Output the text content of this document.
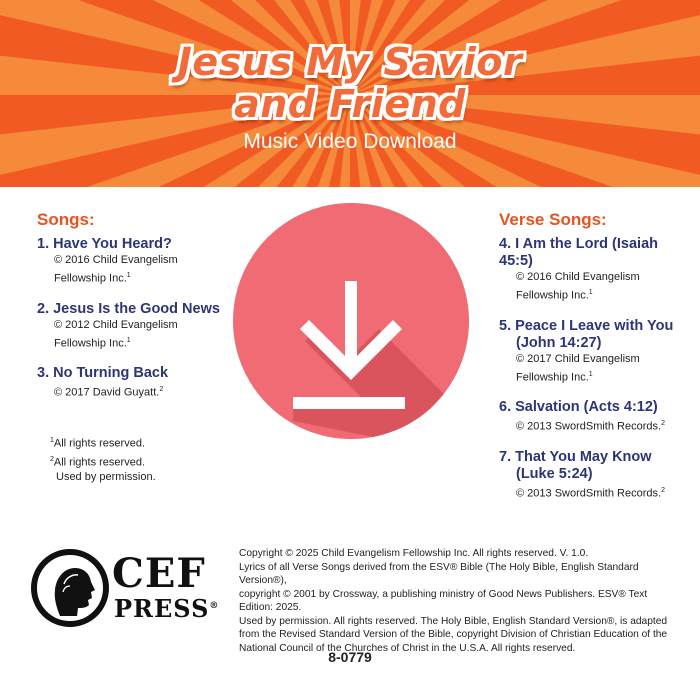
Jesus My Savior
and Friend
Music Video Download
Songs:
1. Have You Heard?
© 2016 Child Evangelism
Fellowship Inc.$^1$
2. Jesus Is the Good News
© 2012 Child Evangelism
Fellowship Inc.$^1$
3. No Turning Back
© 2017 David Guyatt.$^2$
$^1$All rights reserved.
$^2$All rights reserved.
Used by permission.
Verse Songs:
4. I Am the Lord (Isaiah 45:5)
© 2016 Child Evangelism
Fellowship Inc.$^1$
5. Peace I Leave with You
(John 14:27)
© 2017 Child Evangelism
Fellowship Inc.$^1$
6. Salvation (Acts 4:12)
© 2013 SwordSmith Records.$^2$
7. That You May Know
(Luke 5:24)
© 2013 SwordSmith Records.$^2$
CEF
PRESS®
Copyright © 2025 Child Evangelism Fellowship Inc. All rights reserved. V. 1.0.
Lyrics of all Verse Songs derived from the ESV® Bible (The Holy Bible, English Standard Version®),
copyright © 2001 by Crossway, a publishing ministry of Good News Publishers. ESV® Text Edition: 2025.
Used by permission. All rights reserved. The Holy Bible, English Standard Version®, is adapted
from the Revised Standard Version of the Bible, copyright Division of Christian Education of the
National Council of the Churches of Christ in the U.S.A. All rights reserved.
8-0779
